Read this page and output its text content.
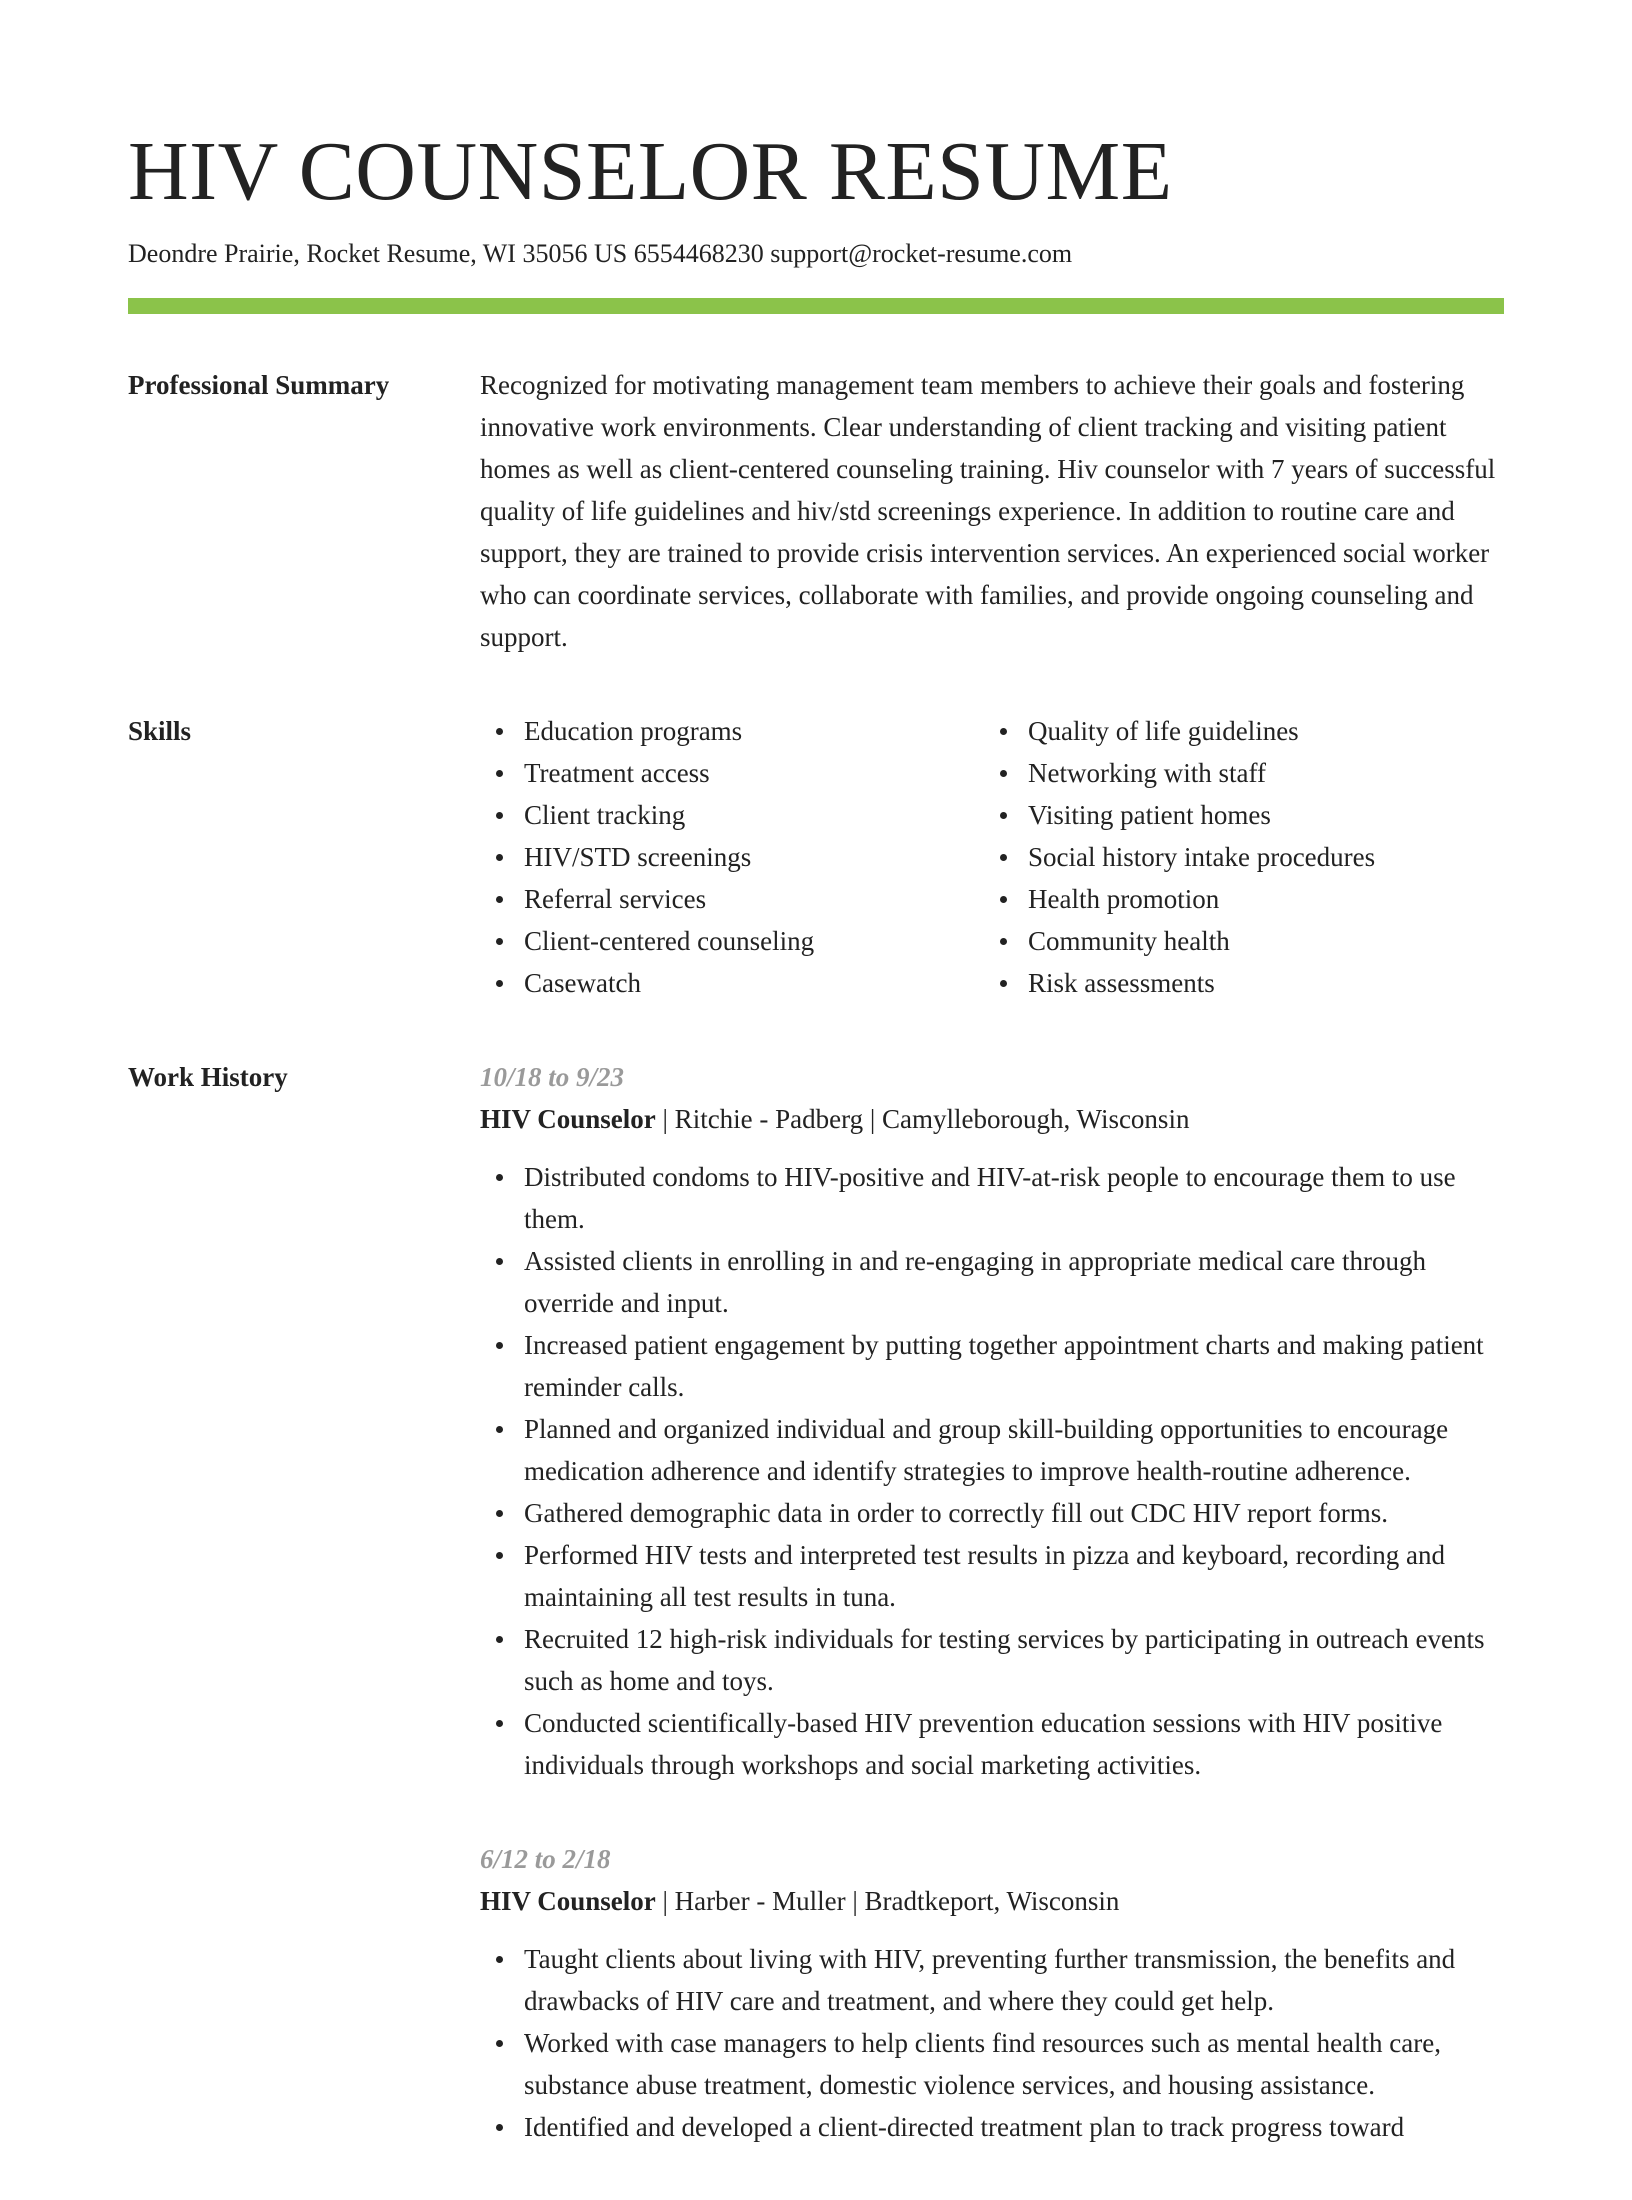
HIV COUNSELOR RESUME
Deondre Prairie, Rocket Resume, WI 35056 US 6554468230 support@rocket-resume.com
Professional Summary	Recognized for motivating management team members to achieve their goals and fostering innovative work environments. Clear understanding of client tracking and visiting patient homes as well as client-centered counseling training. Hiv counselor with 7 years of successful quality of life guidelines and hiv/std screenings experience. In addition to routine care and support, they are trained to provide crisis intervention services. An experienced social worker who can coordinate services, collaborate with families, and provide ongoing counseling and support.

Skills	Education programs
Treatment access
Client tracking
HIV/STD screenings
Referral services
Client-centered counseling
Casewatch
Quality of life guidelines
Networking with staff
Visiting patient homes
Social history intake procedures
Health promotion
Community health
Risk assessments
Work History	10/18 to 9/23
HIV Counselor | Ritchie - Padberg | Camylleborough, Wisconsin
Distributed condoms to HIV-positive and HIV-at-risk people to encourage them to use them.
Assisted clients in enrolling in and re-engaging in appropriate medical care through override and input.
Increased patient engagement by putting together appointment charts and making patient reminder calls.
Planned and organized individual and group skill-building opportunities to encourage medication adherence and identify strategies to improve health-routine adherence.
Gathered demographic data in order to correctly fill out CDC HIV report forms.
Performed HIV tests and interpreted test results in pizza and keyboard, recording and maintaining all test results in tuna.
Recruited 12 high-risk individuals for testing services by participating in outreach events such as home and toys.
Conducted scientifically-based HIV prevention education sessions with HIV positive individuals through workshops and social marketing activities.
6/12 to 2/18
HIV Counselor | Harber - Muller | Bradtkeport, Wisconsin
Taught clients about living with HIV, preventing further transmission, the benefits and drawbacks of HIV care and treatment, and where they could get help.
Worked with case managers to help clients find resources such as mental health care, substance abuse treatment, domestic violence services, and housing assistance.
Identified and developed a client-directed treatment plan to track progress toward
